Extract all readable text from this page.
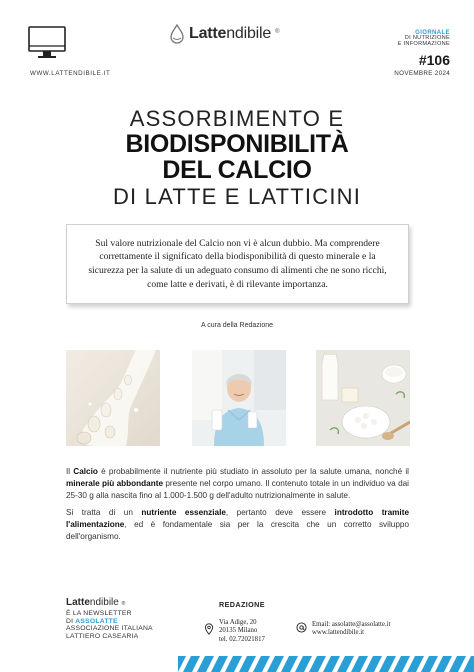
WWW.LATTENDIBILE.IT
Lattendibile ®	GIORNALE
DI NUTRIZIONE
E INFORMAZIONE
#106
NOVEMBRE 2024
ASSORBIMENTO E
BIODISPONIBILITÀ
DEL CALCIO
DI LATTE E LATTICINI

Sul valore nutrizionale del Calcio non vi è alcun dubbio. Ma comprendere correttamente il significato della biodisponibilità di questo minerale e la sicurezza per la salute di un adeguato consumo di alimenti che ne sono ricchi, come latte e derivati, è di rilevante importanza.

A cura della Redazione

Il Calcio è probabilmente il nutriente più studiato in assoluto per la salute umana, nonché il minerale più abbondante presente nel corpo umano. Il contenuto totale in un individuo va dai 25-30 g alla nascita fino al 1.000-1.500 g dell'adulto nutrizionalmente in salute.

Si tratta di un nutriente essenziale, pertanto deve essere introdotto tramite l'alimentazione, ed è fondamentale sia per la crescita che un corretto sviluppo dell'organismo.

Lattendibile ®
È LA NEWSLETTER
DI ASSOLATTE
ASSOCIAZIONE ITALIANA
LATTIERO CASEARIA
REDAZIONE
Via Adige, 20
20135 Milano
tel. 02.72021817
Email: assolatte@assolatte.it
www.lattendibile.it
